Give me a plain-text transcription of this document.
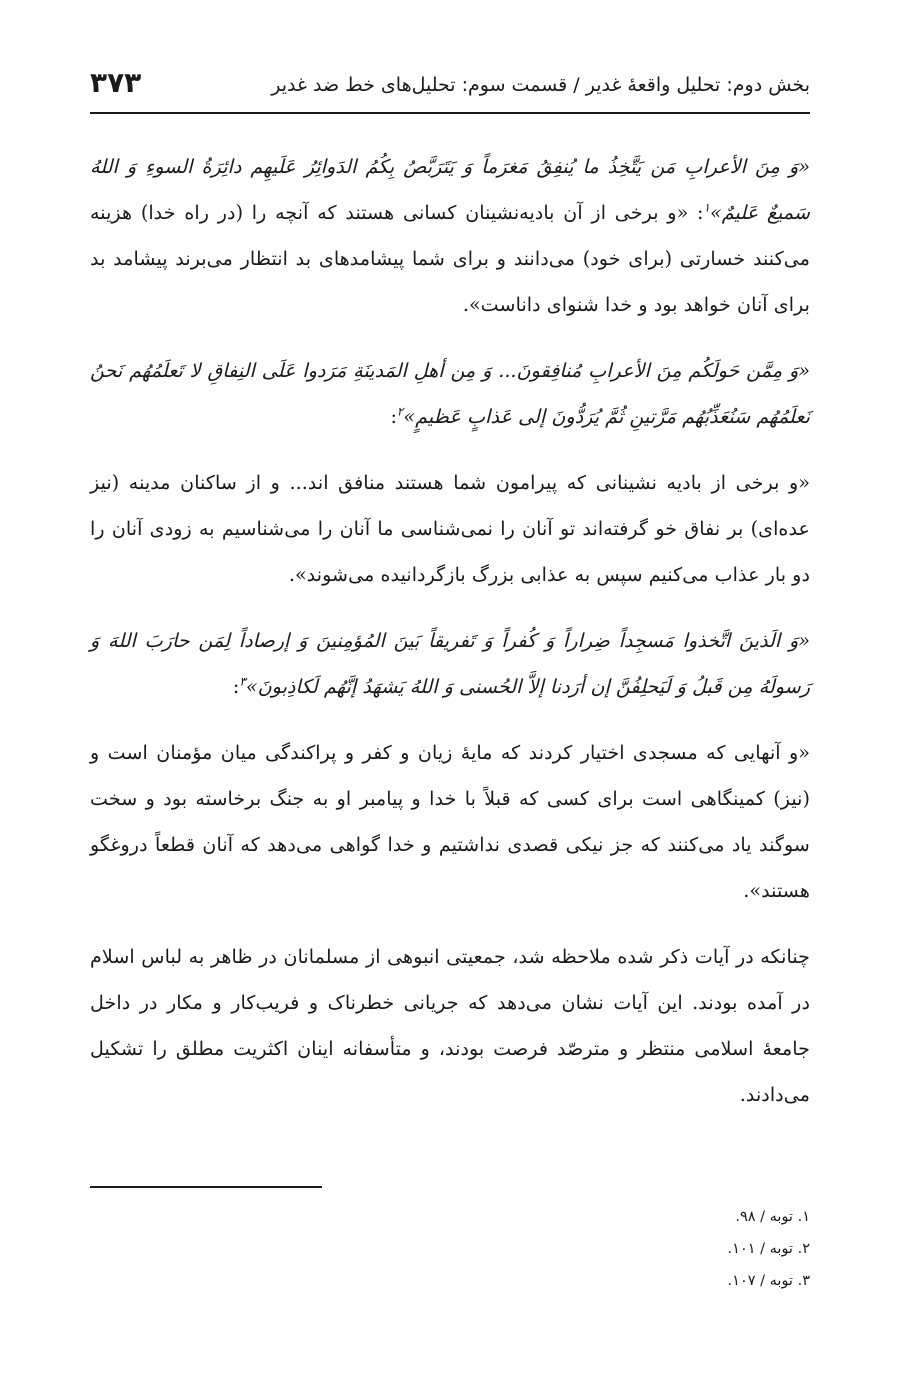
بخش دوم: تحلیل واقعهٔ غدیر / قسمت سوم: تحلیل‌های خط ضد غدیر
۳۷۳

«وَ مِنَ الأعرابِ مَن یَتَّخِذُ ما یُنفِقُ مَغرَماً وَ یَتَرَبَّصُ بِکُمُ الدَوائِرُ عَلَیهِم دائِرَةُ السوءِ وَ اللهُ سَمیعٌ عَلیمٌ»$^۱$: «و برخی از آن بادیه‌نشینان کسانی هستند که آنچه را (در راه خدا) هزینه می‌کنند خسارتی (برای خود) می‌دانند و برای شما پیشامدهای بد انتظار می‌برند پیشامد بد برای آنان خواهد بود و خدا شنوای داناست».

«وَ مِمَّن حَولَکُم مِنَ الأعرابِ مُنافِقونَ... وَ مِن أهلِ المَدینَةِ مَرَدوا عَلَی النِفاقِ لا تَعلَمُهُم نَحنُ نَعلَمُهُم سَنُعَذِّبُهُم مَرَّتینِ ثُمَّ یُرَدُّونَ إلی عَذابٍ عَظیمٍ»$^۲$:

«و برخی از بادیه نشینانی که پیرامون شما هستند منافق اند... و از ساکنان مدینه (نیز عده‌ای) بر نفاق خو گرفته‌اند تو آنان را نمی‌شناسی ما آنان را می‌شناسیم به زودی آنان را دو بار عذاب می‌کنیم سپس به عذابی بزرگ بازگردانیده می‌شوند».

«وَ الَذینَ اتَّخذوا مَسجِداً ضِراراً وَ کُفراً وَ تَفریقاً بَینَ المُؤمِنینَ وَ إرصاداً لِمَن حارَبَ اللهَ وَ رَسولَهُ مِن قَبلُ وَ لَیَحلِفُنَّ إن أرَدنا إلاَّ الحُسنی وَ اللهُ یَشهَدُ إنَّهُم لَکاذِبونَ»$^۳$:

«و آنهایی که مسجدی اختیار کردند که مایهٔ زیان و کفر و پراکندگی میان مؤمنان است و (نیز) کمینگاهی است برای کسی که قبلاً با خدا و پیامبر او به جنگ برخاسته بود و سخت سوگند یاد می‌کنند که جز نیکی قصدی نداشتیم و خدا گواهی می‌دهد که آنان قطعاً دروغگو هستند».

چنانکه در آیات ذکر شده ملاحظه شد، جمعیتی انبوهی از مسلمانان در ظاهر به لباس اسلام در آمده بودند. این آیات نشان می‌دهد که جریانی خطرناک و فریب‌کار و مکار در داخل جامعهٔ اسلامی منتظر و مترصّد فرصت بودند، و متأسفانه اینان اکثریت مطلق را تشکیل می‌دادند.

۱. توبه / ۹۸.

۲. توبه / ۱۰۱.

۳. توبه / ۱۰۷.
